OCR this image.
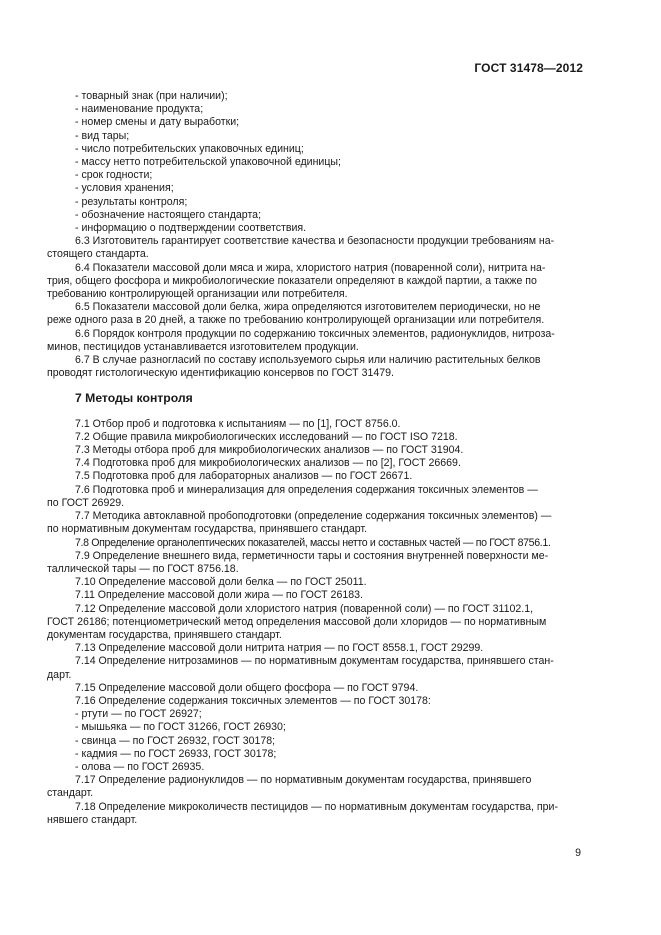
ГОСТ 31478—2012
- товарный знак (при наличии);
- наименование продукта;
- номер смены и дату выработки;
- вид тары;
- число потребительских упаковочных единиц;
- массу нетто потребительской упаковочной единицы;
- срок годности;
- условия хранения;
- результаты контроля;
- обозначение настоящего стандарта;
- информацию о подтверждении соответствия.
6.3 Изготовитель гарантирует соответствие качества и безопасности продукции требованиям на-
стоящего стандарта.
6.4 Показатели массовой доли мяса и жира, хлористого натрия (поваренной соли), нитрита на-
трия, общего фосфора и микробиологические показатели определяют в каждой партии, а также по
требованию контролирующей организации или потребителя.
6.5 Показатели массовой доли белка, жира определяются изготовителем периодически, но не
реже одного раза в 20 дней, а также по требованию контролирующей организации или потребителя.
6.6 Порядок контроля продукции по содержанию токсичных элементов, радионуклидов, нитроза-
минов, пестицидов устанавливается изготовителем продукции.
6.7 В случае разногласий по составу используемого сырья или наличию растительных белков
проводят гистологическую идентификацию консервов по ГОСТ 31479.
7 Методы контроля
7.1 Отбор проб и подготовка к испытаниям — по [1], ГОСТ 8756.0.
7.2 Общие правила микробиологических исследований — по ГОСТ ISO 7218.
7.3 Методы отбора проб для микробиологических анализов — по ГОСТ 31904.
7.4 Подготовка проб для микробиологических анализов — по [2], ГОСТ 26669.
7.5 Подготовка проб для лабораторных анализов — по ГОСТ 26671.
7.6 Подготовка проб и минерализация для определения содержания токсичных элементов —
по ГОСТ 26929.
7.7 Методика автоклавной пробоподготовки (определение содержания токсичных элементов) —
по нормативным документам государства, принявшего стандарт.
7.8 Определение органолептических показателей, массы нетто и составных частей — по ГОСТ 8756.1.
7.9 Определение внешнего вида, герметичности тары и состояния внутренней поверхности ме-
таллической тары — по ГОСТ 8756.18.
7.10 Определение массовой доли белка — по ГОСТ 25011.
7.11 Определение массовой доли жира — по ГОСТ 26183.
7.12 Определение массовой доли хлористого натрия (поваренной соли) — по ГОСТ 31102.1,
ГОСТ 26186; потенциометрический метод определения массовой доли хлоридов — по нормативным
документам государства, принявшего стандарт.
7.13 Определение массовой доли нитрита натрия — по ГОСТ 8558.1, ГОСТ 29299.
7.14 Определение нитрозаминов — по нормативным документам государства, принявшего стан-
дарт.
7.15 Определение массовой доли общего фосфора — по ГОСТ 9794.
7.16 Определение содержания токсичных элементов — по ГОСТ 30178:
- ртути — по ГОСТ 26927;
- мышьяка — по ГОСТ 31266, ГОСТ 26930;
- свинца — по ГОСТ 26932, ГОСТ 30178;
- кадмия — по ГОСТ 26933, ГОСТ 30178;
- олова — по ГОСТ 26935.
7.17 Определение радионуклидов — по нормативным документам государства, принявшего
стандарт.
7.18 Определение микроколичеств пестицидов — по нормативным документам государства, при-
нявшего стандарт.
9
